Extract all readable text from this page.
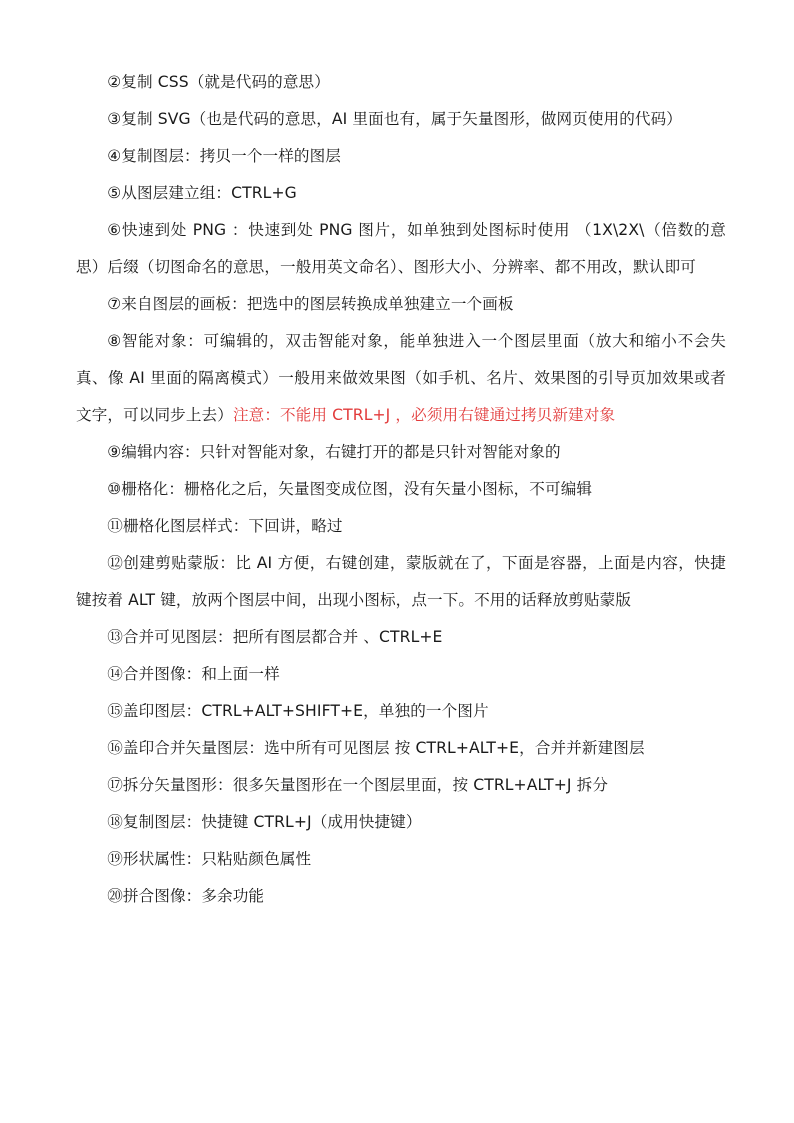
②复制 CSS（就是代码的意思）

③复制 SVG（也是代码的意思，AI 里面也有，属于矢量图形，做网页使用的代码）

④复制图层：拷贝一个一样的图层

⑤从图层建立组：CTRL+G

⑥快速到处 PNG ：快速到处 PNG 图片，如单独到处图标时使用 （1X\2X\（倍数的意思）后缀（切图命名的意思，一般用英文命名）、图形大小、分辨率、都不用改，默认即可

⑦来自图层的画板：把选中的图层转换成单独建立一个画板

⑧智能对象：可编辑的，双击智能对象，能单独进入一个图层里面（放大和缩小不会失真、像 AI 里面的隔离模式）一般用来做效果图（如手机、名片、效果图的引导页加效果或者文字，可以同步上去）注意：不能用 CTRL+J ，必须用右键通过拷贝新建对象

⑨编辑内容：只针对智能对象，右键打开的都是只针对智能对象的

⑩栅格化：栅格化之后，矢量图变成位图，没有矢量小图标，不可编辑

⑪栅格化图层样式：下回讲，略过

⑫创建剪贴蒙版：比 AI 方便，右键创建，蒙版就在了，下面是容器，上面是内容，快捷键按着 ALT 键，放两个图层中间，出现小图标，点一下。不用的话释放剪贴蒙版

⑬合并可见图层：把所有图层都合并 、CTRL+E

⑭合并图像：和上面一样

⑮盖印图层：CTRL+ALT+SHIFT+E，单独的一个图片

⑯盖印合并矢量图层：选中所有可见图层 按 CTRL+ALT+E，合并并新建图层

⑰拆分矢量图形：很多矢量图形在一个图层里面，按 CTRL+ALT+J 拆分

⑱复制图层：快捷键 CTRL+J（成用快捷键）

⑲形状属性：只粘贴颜色属性

⑳拼合图像：多余功能
